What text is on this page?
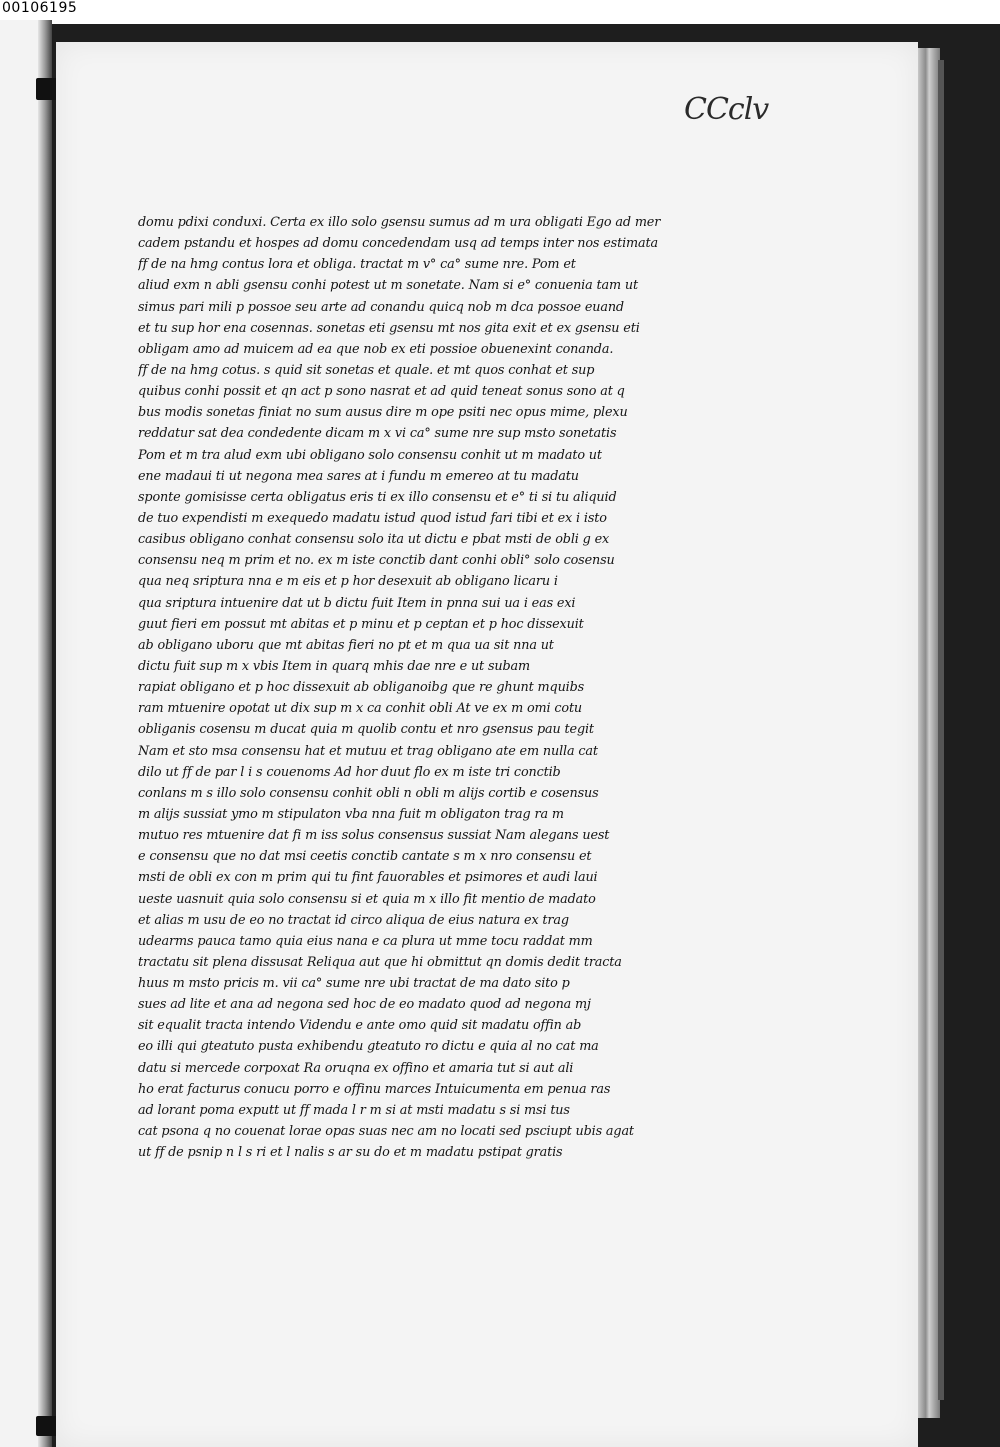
00106195
CCclv
domu pdixi conduxi. Certa ex illo solo gsensu sumus ad m ura obligati Ego ad mer
cadem pstandu et hospes ad domu concedendam usq ad temps inter nos estimata
ff de na hmg contus lora et obliga. tractat m v° ca° sume nre. Pom et
aliud exm n abli gsensu conhi potest ut m sonetate. Nam si e° conuenia tam ut
simus pari mili p possoe seu arte ad conandu quicq nob m dca possoe euand
et tu sup hor ena cosennas. sonetas eti gsensu mt nos gita exit et ex gsensu eti
obligam amo ad muicem ad ea que nob ex eti possioe obuenexint conanda.
ff de na hmg cotus. s quid sit sonetas et quale. et mt quos conhat et sup
quibus conhi possit et qn act p sono nasrat et ad quid teneat sonus sono at q
bus modis sonetas finiat no sum ausus dire m ope psiti nec opus mime, plexu
reddatur sat dea condedente dicam m x vi ca° sume nre sup msto sonetatis
Pom et m tra alud exm ubi obligano solo consensu conhit ut m madato ut
ene madaui ti ut negona mea sares at i fundu m emereo at tu madatu
sponte gomisisse certa obligatus eris ti ex illo consensu et e° ti si tu aliquid
de tuo expendisti m exequedo madatu istud quod istud fari tibi et ex i isto
casibus obligano conhat consensu solo ita ut dictu e pbat msti de obli g ex
consensu neq m prim et no. ex m iste conctib dant conhi obli° solo cosensu
qua neq sriptura nna e m eis et p hor desexuit ab obligano licaru i
qua sriptura intuenire dat ut b dictu fuit Item in pnna sui ua i eas exi
guut fieri em possut mt abitas et p minu et p ceptan et p hoc dissexuit
ab obligano uboru que mt abitas fieri no pt et m qua ua sit nna ut
dictu fuit sup m x vbis Item in quarq mhis dae nre e ut subam
rapiat obligano et p hoc dissexuit ab obliganoibg que re ghunt mquibs
ram mtuenire opotat ut dix sup m x ca conhit obli At ve ex m omi cotu
obliganis cosensu m ducat quia m quolib contu et nro gsensus pau tegit
Nam et sto msa consensu hat et mutuu et trag obligano ate em nulla cat
dilo ut ff de par l i s couenoms Ad hor duut flo ex m iste tri conctib
conlans m s illo solo consensu conhit obli n obli m alijs cortib e cosensus
m alijs sussiat ymo m stipulaton vba nna fuit m obligaton trag ra m
mutuo res mtuenire dat fi m iss solus consensus sussiat Nam alegans uest
e consensu que no dat msi ceetis conctib cantate s m x nro consensu et
msti de obli ex con m prim qui tu fint fauorables et psimores et audi laui
ueste uasnuit quia solo consensu si et quia m x illo fit mentio de madato
et alias m usu de eo no tractat id circo aliqua de eius natura ex trag
udearms pauca tamo quia eius nana e ca plura ut mme tocu raddat mm
tractatu sit plena dissusat Reliqua aut que hi obmittut qn domis dedit tracta
huus m msto pricis m. vii ca° sume nre ubi tractat de ma dato sito p
sues ad lite et ana ad negona sed hoc de eo madato quod ad negona mj
sit equalit tracta intendo Videndu e ante omo quid sit madatu offin ab
eo illi qui gteatuto pusta exhibendu gteatuto ro dictu e quia al no cat ma
datu si mercede corpoxat Ra oruqna ex offino et amaria tut si aut ali
ho erat facturus conucu porro e offinu marces Intuicumenta em penua ras
ad lorant poma exputt ut ff mada l r m si at msti madatu s si msi tus
cat psona q no couenat lorae opas suas nec am no locati sed psciupt ubis agat
ut ff de psnip n l s ri et l nalis s ar su do et m madatu pstipat gratis
